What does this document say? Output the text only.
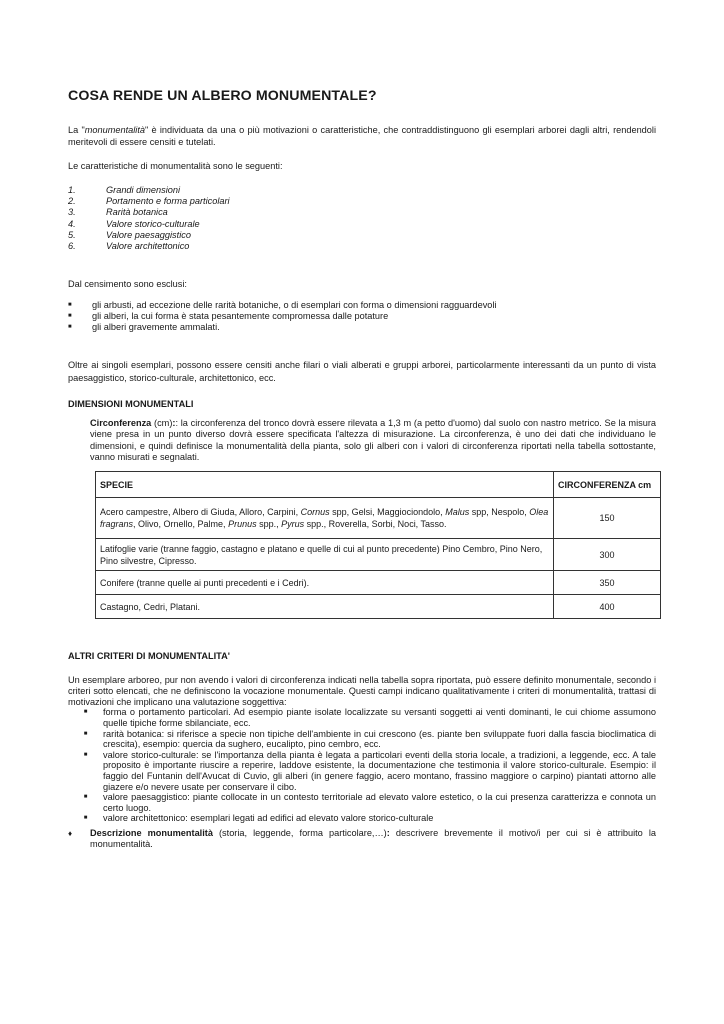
COSA RENDE UN ALBERO MONUMENTALE?

La "monumentalità" è individuata da una o più motivazioni o caratteristiche, che contraddistinguono gli esemplari arborei dagli altri, rendendoli meritevoli di essere censiti e tutelati.

Le caratteristiche di monumentalità sono le seguenti:

1.	Grandi dimensioni
2.	Portamento e forma particolari
3.	Rarità botanica
4.	Valore storico-culturale
5.	Valore paesaggistico
6.	Valore architettonico

Dal censimento sono esclusi:

■	gli arbusti, ad eccezione delle rarità botaniche, o di esemplari con forma o dimensioni ragguardevoli
■	gli alberi, la cui forma è stata pesantemente compromessa dalle potature
■	gli alberi gravemente ammalati.

Oltre ai singoli esemplari, possono essere censiti anche filari o viali alberati e gruppi arborei, particolarmente interessanti da un punto di vista paesaggistico, storico-culturale, architettonico, ecc.

DIMENSIONI MONUMENTALI

Circonferenza (cm):: la circonferenza del tronco dovrà essere rilevata a 1,3 m (a petto d'uomo) dal suolo con nastro metrico. Se la misura viene presa in un punto diverso dovrà essere specificata l'altezza di misurazione. La circonferenza, è uno dei dati che individuano le dimensioni, e quindi definisce la monumentalità della pianta, solo gli alberi con i valori di circonferenza riportati nella tabella sottostante, vanno misurati e segnalati.

SPECIE	CIRCONFERENZA cm
Acero campestre, Albero di Giuda, Alloro, Carpini, Cornus spp, Gelsi, Maggiociondolo, Malus spp, Nespolo, Olea fragrans, Olivo, Ornello, Palme, Prunus spp., Pyrus spp., Roverella, Sorbi, Noci, Tasso.	150
Latifoglie varie (tranne faggio, castagno e platano e quelle di cui al punto precedente) Pino Cembro, Pino Nero, Pino silvestre, Cipresso.	300
Conifere (tranne quelle ai punti precedenti e i Cedri).	350
Castagno, Cedri, Platani.	400
ALTRI CRITERI DI MONUMENTALITA'

Un esemplare arboreo, pur non avendo i valori di circonferenza indicati nella tabella sopra riportata, può essere definito monumentale, secondo i criteri sotto elencati, che ne definiscono la vocazione monumentale. Questi campi indicano qualitativamente i criteri di monumentalità, trattasi di motivazioni che implicano una valutazione soggettiva:

■	forma o portamento particolari. Ad esempio piante isolate localizzate su versanti soggetti ai venti dominanti, le cui chiome assumono quelle tipiche forme sbilanciate, ecc.
■	rarità botanica: si riferisce a specie non tipiche dell'ambiente in cui crescono (es. piante ben sviluppate fuori dalla fascia bioclimatica di crescita), esempio: quercia da sughero, eucalipto, pino cembro, ecc.
■	valore storico-culturale: se l'importanza della pianta è legata a particolari eventi della storia locale, a tradizioni, a leggende, ecc. A tale proposito è importante riuscire a reperire, laddove esistente, la documentazione che testimonia il valore storico-culturale. Esempio: il faggio del Funtanin dell'Avucat di Cuvio, gli alberi (in genere faggio, acero montano, frassino maggiore o carpino) piantati attorno alle giazere e/o nevere usate per conservare il cibo.
■	valore paesaggistico: piante collocate in un contesto territoriale ad elevato valore estetico, o la cui presenza caratterizza e connota un certo luogo.
■	valore architettonico: esemplari legati ad edifici ad elevato valore storico-culturale
♦	Descrizione monumentalità (storia, leggende, forma particolare,…): descrivere brevemente il motivo/i per cui si è attribuito la monumentalità.
